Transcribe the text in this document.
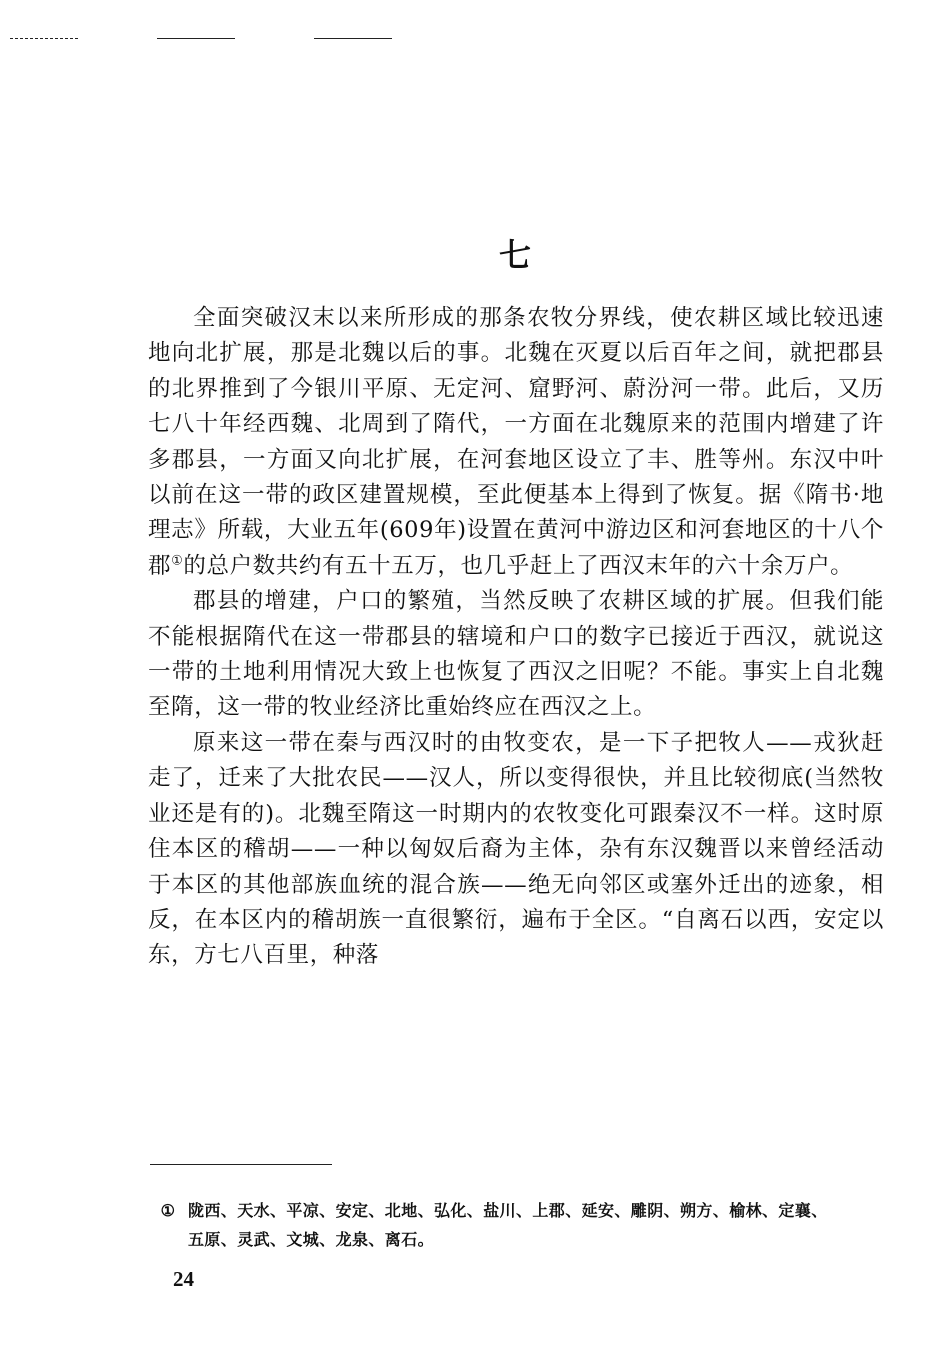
七

全面突破汉末以来所形成的那条农牧分界线，使农耕区域比较迅速地向北扩展，那是北魏以后的事。北魏在灭夏以后百年之间，就把郡县的北界推到了今银川平原、无定河、窟野河、蔚汾河一带。此后，又历七八十年经西魏、北周到了隋代，一方面在北魏原来的范围内增建了许多郡县，一方面又向北扩展，在河套地区设立了丰、胜等州。东汉中叶以前在这一带的政区建置规模，至此便基本上得到了恢复。据《隋书·地理志》所载，大业五年(609年)设置在黄河中游边区和河套地区的十八个郡①的总户数共约有五十五万，也几乎赶上了西汉末年的六十余万户。

郡县的增建，户口的繁殖，当然反映了农耕区域的扩展。但我们能不能根据隋代在这一带郡县的辖境和户口的数字已接近于西汉，就说这一带的土地利用情况大致上也恢复了西汉之旧呢？不能。事实上自北魏至隋，这一带的牧业经济比重始终应在西汉之上。

原来这一带在秦与西汉时的由牧变农，是一下子把牧人——戎狄赶走了，迁来了大批农民——汉人，所以变得很快，并且比较彻底(当然牧业还是有的)。北魏至隋这一时期内的农牧变化可跟秦汉不一样。这时原住本区的稽胡——一种以匈奴后裔为主体，杂有东汉魏晋以来曾经活动于本区的其他部族血统的混合族——绝无向邻区或塞外迁出的迹象，相反，在本区内的稽胡族一直很繁衍，遍布于全区。“自离石以西，安定以东，方七八百里，种落

① 陇西、天水、平凉、安定、北地、弘化、盐川、上郡、延安、雕阴、朔方、榆林、定襄、
五原、灵武、文城、龙泉、离石。
24
